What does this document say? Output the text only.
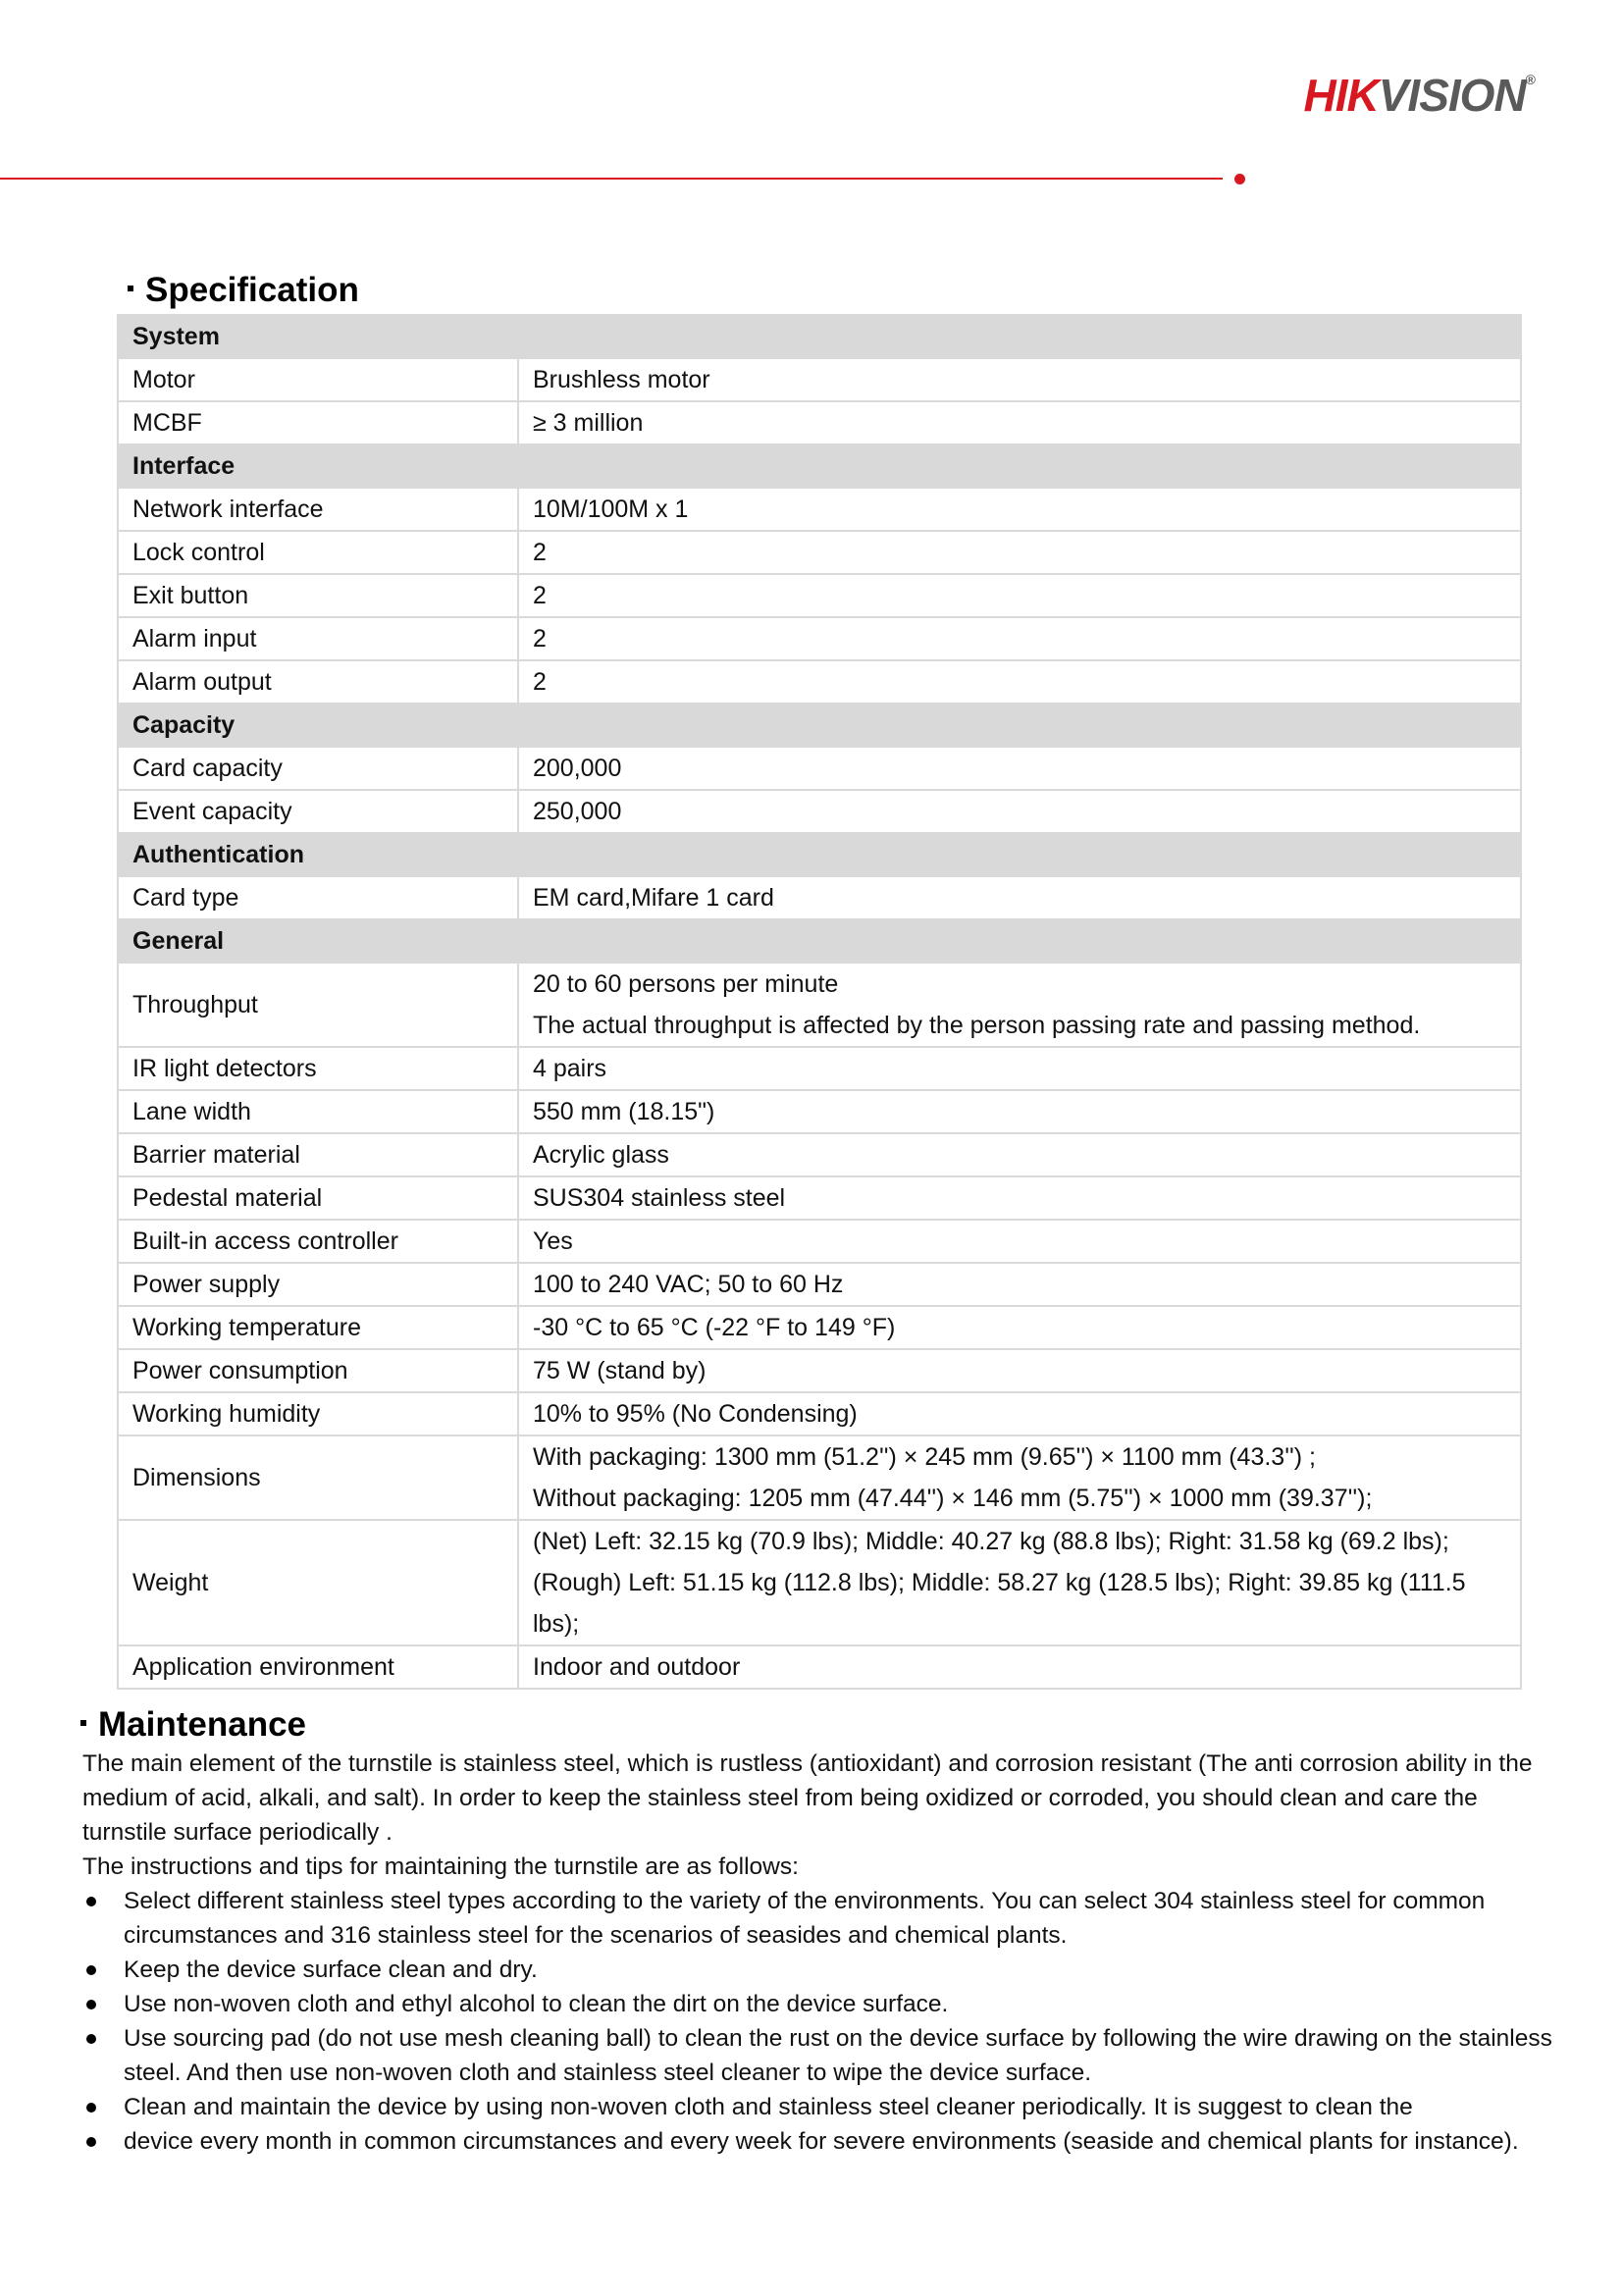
HIKVISION®
Specification
System	
Motor	Brushless motor

MCBF	≥ 3 million

Interface	
Network interface	10M/100M x 1

Lock control	2

Exit button	2

Alarm input	2

Alarm output	2

Capacity	
Card capacity	200,000

Event capacity	250,000

Authentication	
Card type	EM card,Mifare 1 card

General	
Throughput	20 to 60 persons per minute
The actual throughput is affected by the person passing rate and passing method.

IR light detectors	4 pairs

Lane width	550 mm (18.15")

Barrier material	Acrylic glass

Pedestal material	SUS304 stainless steel

Built-in access controller	Yes

Power supply	100 to 240 VAC; 50 to 60 Hz

Working temperature	-30 °C to 65 °C (-22 °F to 149 °F)

Power consumption	75 W (stand by)

Working humidity	10% to 95% (No Condensing)

Dimensions	With packaging: 1300 mm (51.2'') × 245 mm (9.65'') × 1100 mm (43.3'') ;
Without packaging: 1205 mm (47.44'') × 146 mm (5.75'') × 1000 mm (39.37'');

Weight	(Net) Left: 32.15 kg (70.9 lbs); Middle: 40.27 kg (88.8 lbs); Right: 31.58 kg (69.2 lbs);
(Rough) Left: 51.15 kg (112.8 lbs); Middle: 58.27 kg (128.5 lbs); Right: 39.85 kg (111.5
lbs);

Application environment	Indoor and outdoor
Maintenance

The main element of the turnstile is stainless steel, which is rustless (antioxidant) and corrosion resistant (The anti corrosion ability in the medium of acid, alkali, and salt). In order to keep the stainless steel from being oxidized or corroded, you should clean and care the turnstile surface periodically .

The instructions and tips for maintaining the turnstile are as follows:

Select different stainless steel types according to the variety of the environments. You can select 304 stainless steel for common circumstances and 316 stainless steel for the scenarios of seasides and chemical plants.
Keep the device surface clean and dry.
Use non-woven cloth and ethyl alcohol to clean the dirt on the device surface.
Use sourcing pad (do not use mesh cleaning ball) to clean the rust on the device surface by following the wire drawing on the stainless steel. And then use non-woven cloth and stainless steel cleaner to wipe the device surface.
Clean and maintain the device by using non-woven cloth and stainless steel cleaner periodically. It is suggest to clean the
device every month in common circumstances and every week for severe environments (seaside and chemical plants for instance).
